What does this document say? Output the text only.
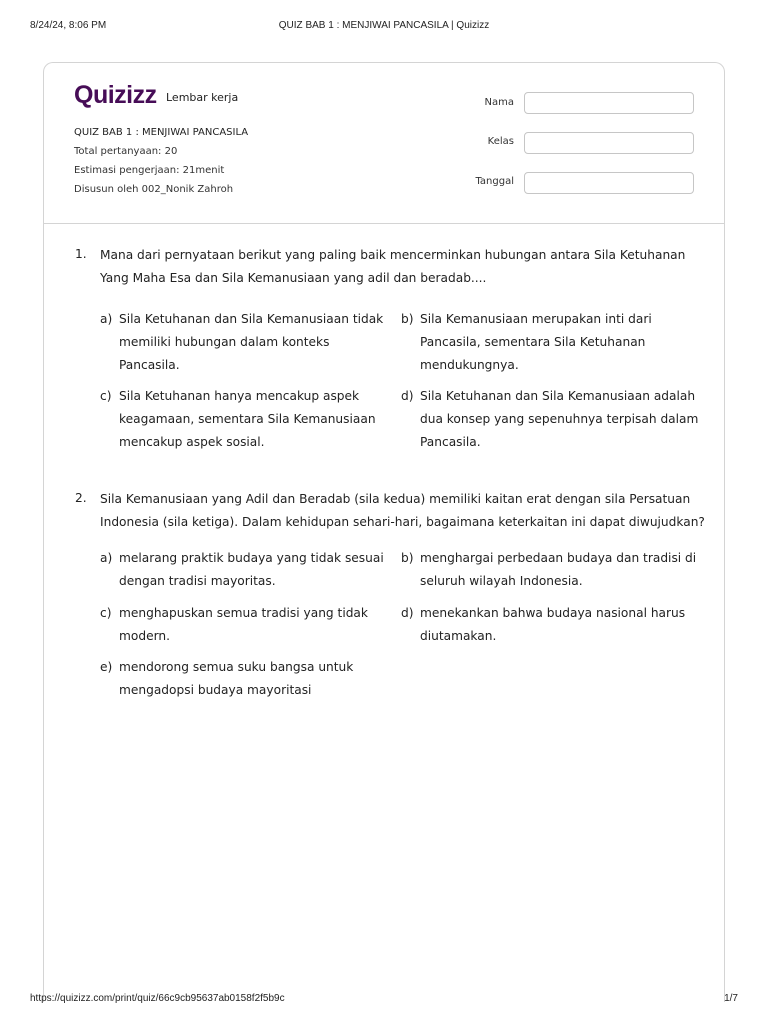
8/24/24, 8:06 PM	QUIZ BAB 1 : MENJIWAI PANCASILA | Quizizz
Quizizz Lembar kerja
QUIZ BAB 1 : MENJIWAI PANCASILA
Total pertanyaan: 20
Estimasi pengerjaan: 21menit
Disusun oleh 002_Nonik Zahroh
Nama
Kelas
Tanggal
1. Mana dari pernyataan berikut yang paling baik mencerminkan hubungan antara Sila Ketuhanan Yang Maha Esa dan Sila Kemanusiaan yang adil dan beradab....
a) Sila Ketuhanan dan Sila Kemanusiaan tidak memiliki hubungan dalam konteks Pancasila.
b) Sila Kemanusiaan merupakan inti dari Pancasila, sementara Sila Ketuhanan mendukungnya.
c) Sila Ketuhanan hanya mencakup aspek keagamaan, sementara Sila Kemanusiaan mencakup aspek sosial.
d) Sila Ketuhanan dan Sila Kemanusiaan adalah dua konsep yang sepenuhnya terpisah dalam Pancasila.
2. Sila Kemanusiaan yang Adil dan Beradab (sila kedua) memiliki kaitan erat dengan sila Persatuan Indonesia (sila ketiga). Dalam kehidupan sehari-hari, bagaimana keterkaitan ini dapat diwujudkan?
a) melarang praktik budaya yang tidak sesuai dengan tradisi mayoritas.
b) menghargai perbedaan budaya dan tradisi di seluruh wilayah Indonesia.
c) menghapuskan semua tradisi yang tidak modern.
d) menekankan bahwa budaya nasional harus diutamakan.
e) mendorong semua suku bangsa untuk mengadopsi budaya mayoritasi
https://quizizz.com/print/quiz/66c9cb95637ab0158f2f5b9c	1/7
